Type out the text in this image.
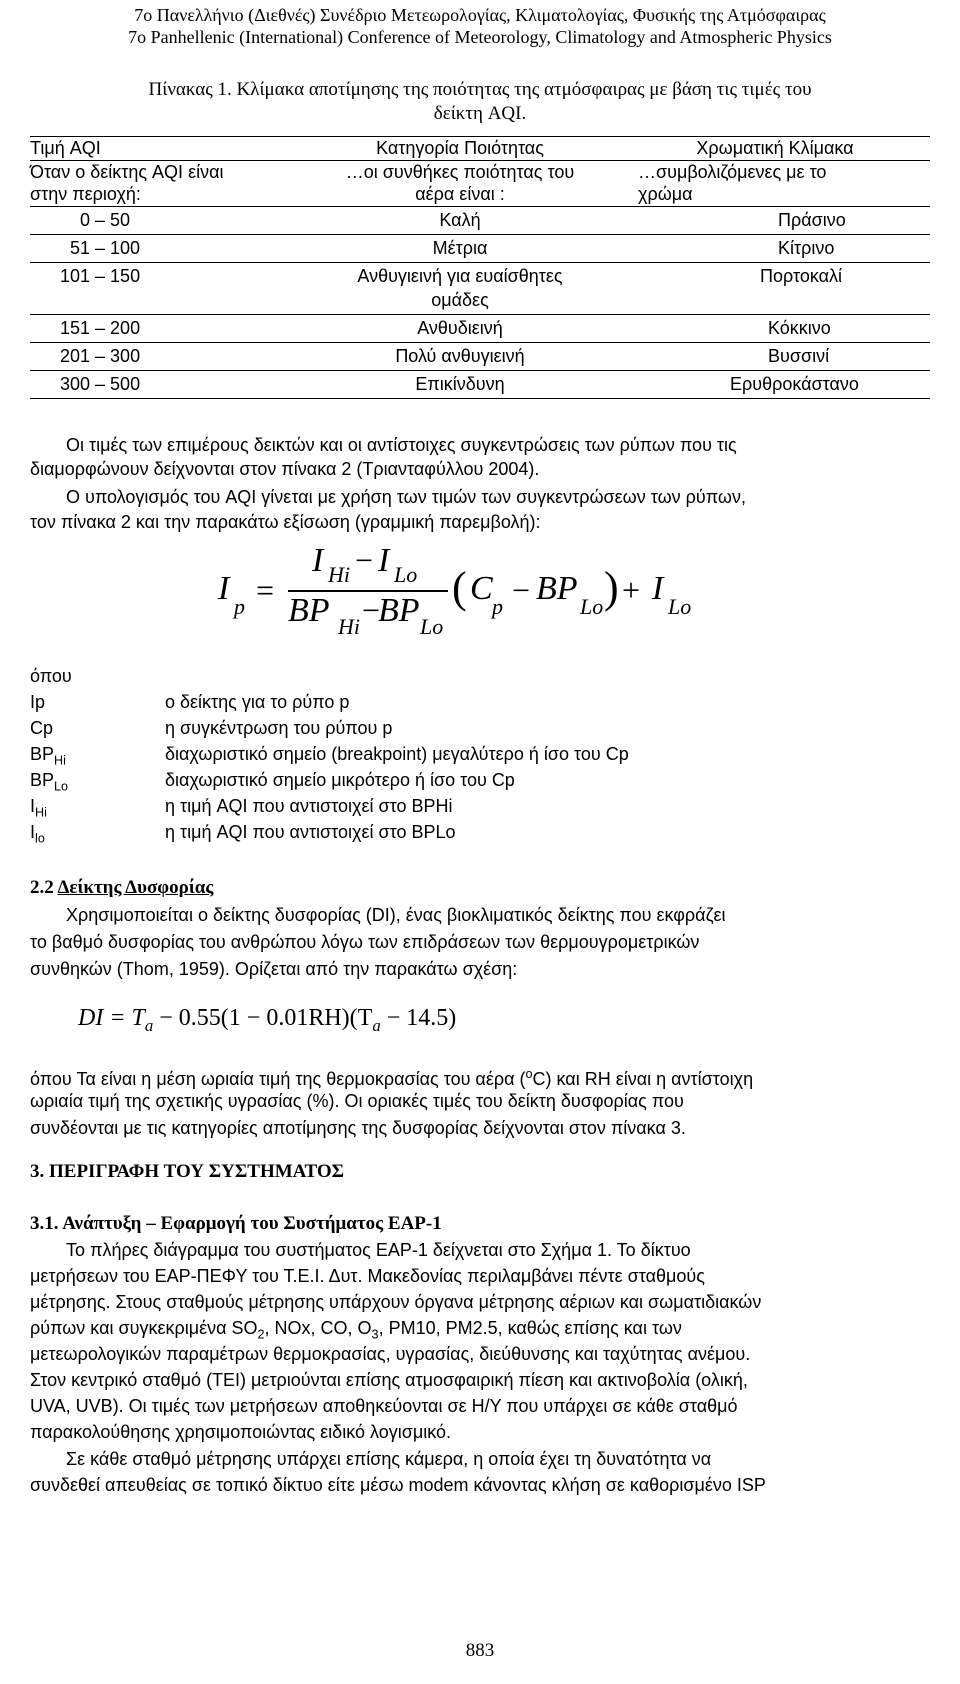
7ο Πανελλήνιο (Διεθνές) Συνέδριο Μετεωρολογίας, Κλιματολογίας, Φυσικής της Ατμόσφαιρας
7o Panhellenic (International) Conference of Meteorology, Climatology and Atmospheric Physics
Πίνακας 1. Κλίμακα αποτίμησης της ποιότητας της ατμόσφαιρας με βάση τις τιμές του
δείκτη AQI.
Τιμή AQI	Κατηγορία Ποιότητας	Χρωματική Κλίμακα
Όταν ο δείκτης AQI είναι	…οι συνθήκες ποιότητας του	…συμβολιζόμενες με το
στην περιοχή:	αέρα είναι :	χρώμα
0 – 50	Καλή	Πράσινο
51 – 100	Μέτρια	Κίτρινο
101 – 150	Ανθυγιεινή για ευαίσθητες	Πορτοκαλί
ομάδες
151 – 200	Ανθυδιεινή	Κόκκινο
201 – 300	Πολύ ανθυγιεινή	Βυσσινί
300 – 500	Επικίνδυνη	Ερυθροκάστανο
Οι τιμές των επιμέρους δεικτών και οι αντίστοιχες συγκεντρώσεις των ρύπων που τις
διαμορφώνουν δείχνονται στον πίνακα 2 (Τριανταφύλλου 2004).
Ο υπολογισμός του AQI γίνεται με χρήση των τιμών των συγκεντρώσεων των ρύπων,
τον πίνακα 2 και την παρακάτω εξίσωση (γραμμική παρεμβολή):
I p =
I Hi − I Lo
BP Hi −
BP Lo
( C p − BP Lo ) + I Lo
όπου
Ip	ο δείκτης για το ρύπο p
Cp	η συγκέντρωση του ρύπου p
$BP_{Hi}$	διαχωριστικό σημείο (breakpoint) μεγαλύτερο ή ίσο του Cp
$BP_{Lo}$	διαχωριστικό σημείο μικρότερο ή ίσο του Cp
$I_{Hi}$	η τιμή AQI που αντιστοιχεί στο BPHi
$I_{lo}$	η τιμή AQI που αντιστοιχεί στο BPLo
2.2 Δείκτης Δυσφορίας
Χρησιμοποιείται ο δείκτης δυσφορίας (DI), ένας βιοκλιματικός δείκτης που εκφράζει
το βαθμό δυσφορίας του ανθρώπου λόγω των επιδράσεων των θερμουγρομετρικών
συνθηκών (Thom, 1959). Ορίζεται από την παρακάτω σχέση:
DI = $T_a - 0.55(1 - 0.01RH)(T_a - 14.5)$
όπου Τα είναι η μέση ωριαία τιμή της θερμοκρασίας του αέρα ($^o$C) και RH είναι η αντίστοιχη
ωριαία τιμή της σχετικής υγρασίας (%). Οι οριακές τιμές του δείκτη δυσφορίας που
συνδέονται με τις κατηγορίες αποτίμησης της δυσφορίας δείχνονται στον πίνακα 3.
3. ΠΕΡΙΓΡΑΦΗ ΤΟΥ ΣΥΣΤΗΜΑΤΟΣ
3.1. Ανάπτυξη – Εφαρμογή του Συστήματος EAP-1
Το πλήρες διάγραμμα του συστήματος EAP-1 δείχνεται στο Σχήμα 1. Το δίκτυο
μετρήσεων του EAP-ΠΕΦΥ του Τ.Ε.Ι. Δυτ. Μακεδονίας περιλαμβάνει πέντε σταθμούς
μέτρησης. Στους σταθμούς μέτρησης υπάρχουν όργανα μέτρησης αέριων και σωματιδιακών
ρύπων και συγκεκριμένα $SO_2$, NOx, CO, $O_3$, PM10, PM2.5, καθώς επίσης και των
μετεωρολογικών παραμέτρων θερμοκρασίας, υγρασίας, διεύθυνσης και ταχύτητας ανέμου.
Στον κεντρικό σταθμό (TEI) μετριούνται επίσης ατμοσφαιρική πίεση και ακτινοβολία (ολική,
UVA, UVB). Οι τιμές των μετρήσεων αποθηκεύονται σε Η/Υ που υπάρχει σε κάθε σταθμό
παρακολούθησης χρησιμοποιώντας ειδικό λογισμικό.
Σε κάθε σταθμό μέτρησης υπάρχει επίσης κάμερα, η οποία έχει τη δυνατότητα να
συνδεθεί απευθείας σε τοπικό δίκτυο είτε μέσω modem κάνοντας κλήση σε καθορισμένο ISP
883
